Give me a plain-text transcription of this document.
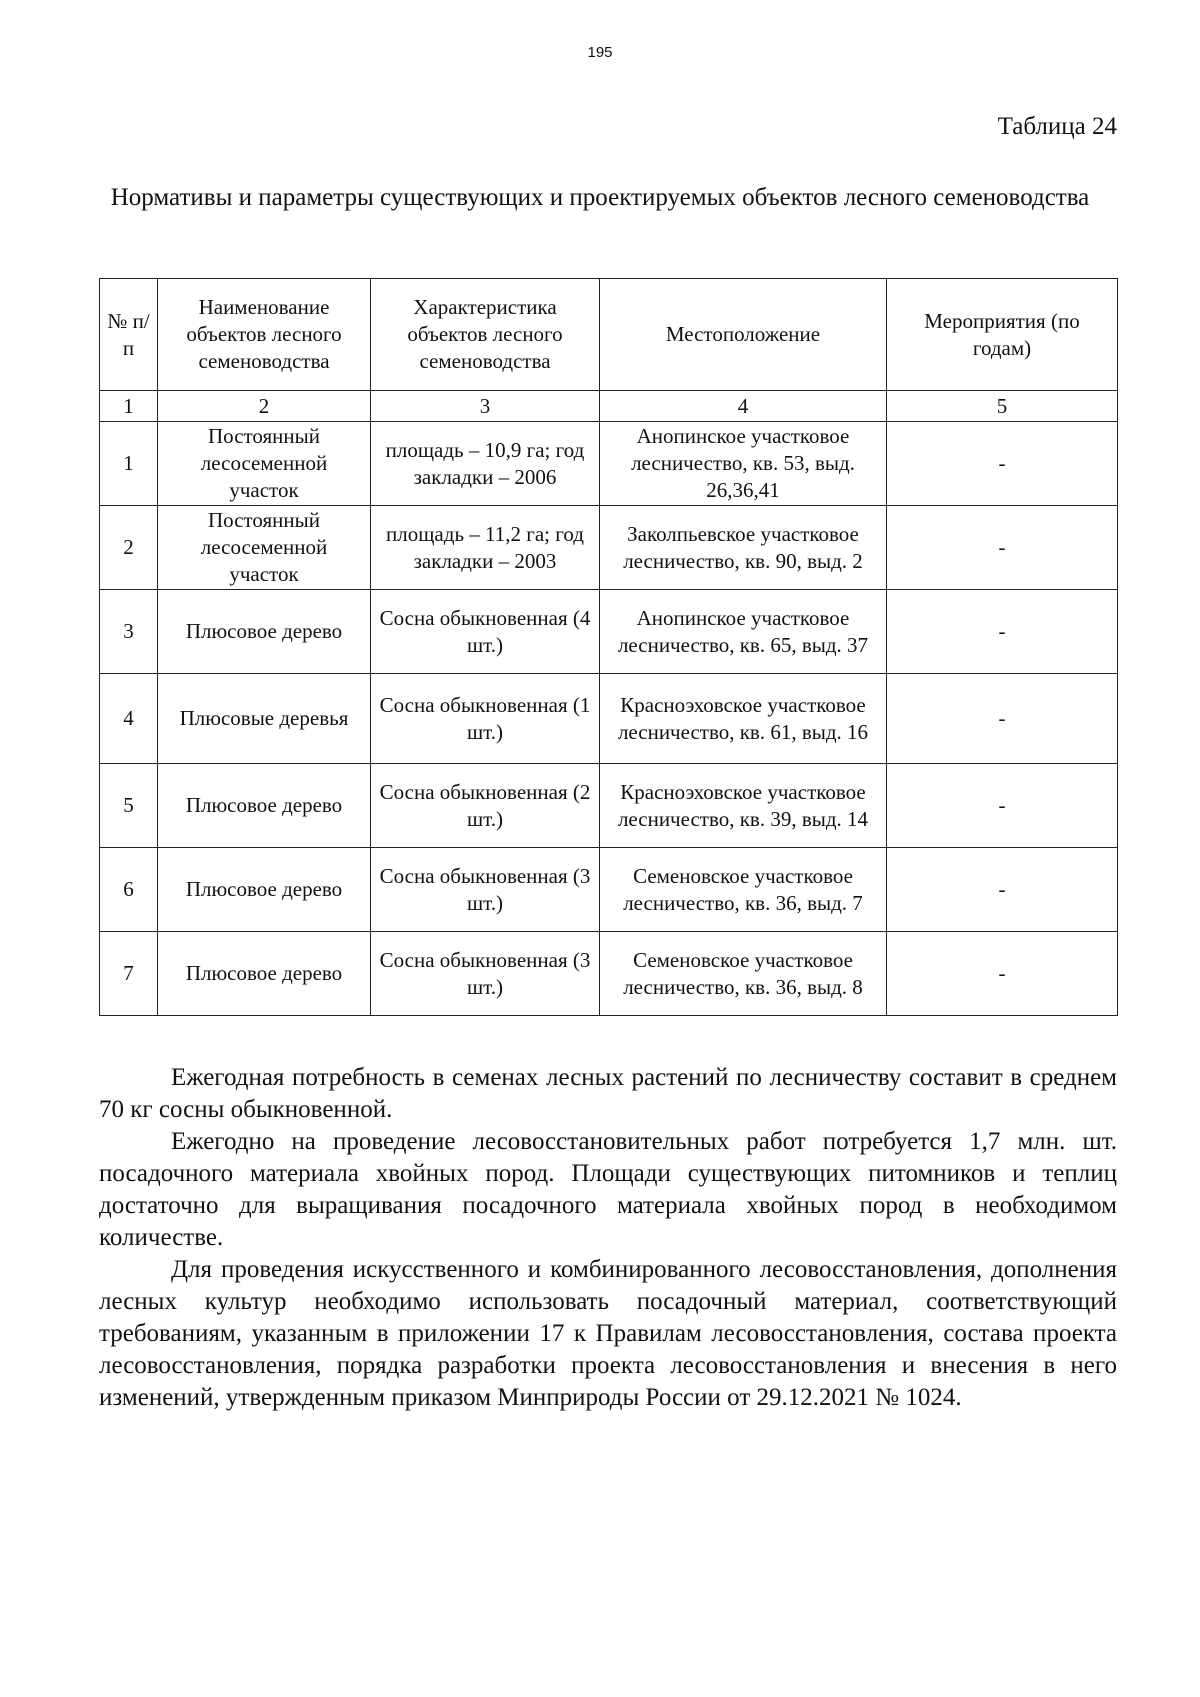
195
Таблица 24
Нормативы и параметры существующих и проектируемых объектов лесного семеноводства
№ п/п	Наименование объектов лесного семеноводства	Характеристика объектов лесного семеноводства	Местоположение	Мероприятия (по годам)
1	2	3	4	5
1	Постоянный лесосеменной участок	площадь – 10,9 га; год закладки – 2006	Анопинское участковое лесничество, кв. 53, выд. 26,36,41	-
2	Постоянный лесосеменной участок	площадь – 11,2 га; год закладки – 2003	Заколпьевское участковое лесничество, кв. 90, выд. 2	-
3	Плюсовое дерево	Сосна обыкновенная (4 шт.)	Анопинское участковое лесничество, кв. 65, выд. 37	-
4	Плюсовые деревья	Сосна обыкновенная (1 шт.)	Красноэховское участковое лесничество, кв. 61, выд. 16	-
5	Плюсовое дерево	Сосна обыкновенная (2 шт.)	Красноэховское участковое лесничество, кв. 39, выд. 14	-
6	Плюсовое дерево	Сосна обыкновенная (3 шт.)	Семеновское участковое лесничество, кв. 36, выд. 7	-
7	Плюсовое дерево	Сосна обыкновенная (3 шт.)	Семеновское участковое лесничество, кв. 36, выд. 8	-

Ежегодная потребность в семенах лесных растений по лесничеству составит в среднем 70 кг сосны обыкновенной.

Ежегодно на проведение лесовосстановительных работ потребуется 1,7 млн. шт. посадочного материала хвойных пород. Площади существующих питомников и теплиц достаточно для выращивания посадочного материала хвойных пород в необходимом количестве.

Для проведения искусственного и комбинированного лесовосстановления, дополнения лесных культур необходимо использовать посадочный материал, соответствующий требованиям, указанным в приложении 17 к Правилам лесовосстановления, состава проекта лесовосстановления, порядка разработки проекта лесовосстановления и внесения в него изменений, утвержденным приказом Минприроды России от 29.12.2021 № 1024.
